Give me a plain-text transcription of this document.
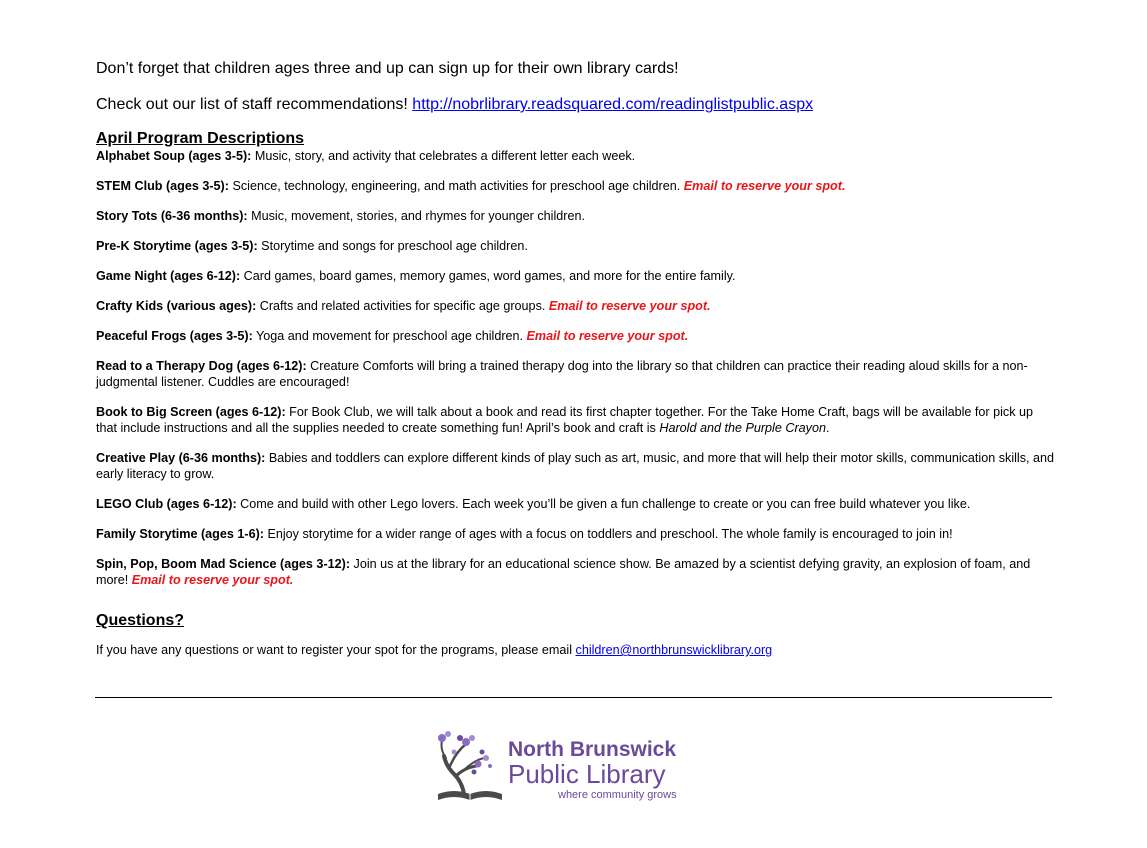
Don’t forget that children ages three and up can sign up for their own library cards!

Check out our list of staff recommendations! http://nobrlibrary.readsquared.com/readinglistpublic.aspx

April Program Descriptions

Alphabet Soup (ages 3-5): Music, story, and activity that celebrates a different letter each week.

STEM Club (ages 3-5): Science, technology, engineering, and math activities for preschool age children. Email to reserve your spot.

Story Tots (6-36 months): Music, movement, stories, and rhymes for younger children.

Pre-K Storytime (ages 3-5): Storytime and songs for preschool age children.

Game Night (ages 6-12): Card games, board games, memory games, word games, and more for the entire family.

Crafty Kids (various ages): Crafts and related activities for specific age groups. Email to reserve your spot.

Peaceful Frogs (ages 3-5): Yoga and movement for preschool age children. Email to reserve your spot.

Read to a Therapy Dog (ages 6-12): Creature Comforts will bring a trained therapy dog into the library so that children can practice their reading aloud skills for a non-judgmental listener. Cuddles are encouraged!

Book to Big Screen (ages 6-12): For Book Club, we will talk about a book and read its first chapter together. For the Take Home Craft, bags will be available for pick up that include instructions and all the supplies needed to create something fun! April’s book and craft is Harold and the Purple Crayon.

Creative Play (6-36 months): Babies and toddlers can explore different kinds of play such as art, music, and more that will help their motor skills, communication skills, and early literacy to grow.

LEGO Club (ages 6-12): Come and build with other Lego lovers. Each week you’ll be given a fun challenge to create or you can free build whatever you like.

Family Storytime (ages 1-6): Enjoy storytime for a wider range of ages with a focus on toddlers and preschool. The whole family is encouraged to join in!

Spin, Pop, Boom Mad Science (ages 3-12): Join us at the library for an educational science show. Be amazed by a scientist defying gravity, an explosion of foam, and more! Email to reserve your spot.

Questions?

If you have any questions or want to register your spot for the programs, please email children@northbrunswicklibrary.org

North Brunswick
Public Library
where community grows
